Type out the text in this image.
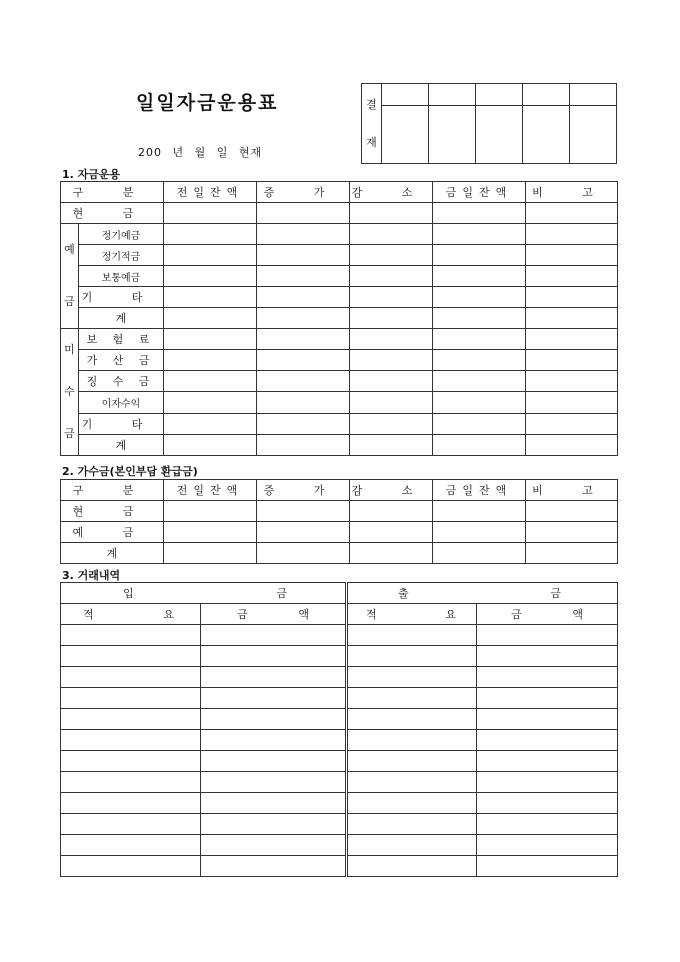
일일자금운용표
200 년 월 일 현재
결
재					

1. 자금운용
구 분		전일잔액	증 가	감 소	금일잔액	비 고
현 금						
예
금	정기예금					
	정기적금					
	보통예금					
	기 타					
	계					
미
수
금	보 험 료					
	가 산 금					
	징 수 금					
	이자수익					
	기 타					
	계					
2. 가수금(본인부담 환급금)
구 분	전일잔액	증 가	감 소	금일잔액	비 고
현 금					
예 금					
계					
3. 거래내역
입 금		출 금	

적 요	금 액	적 요	금 액
